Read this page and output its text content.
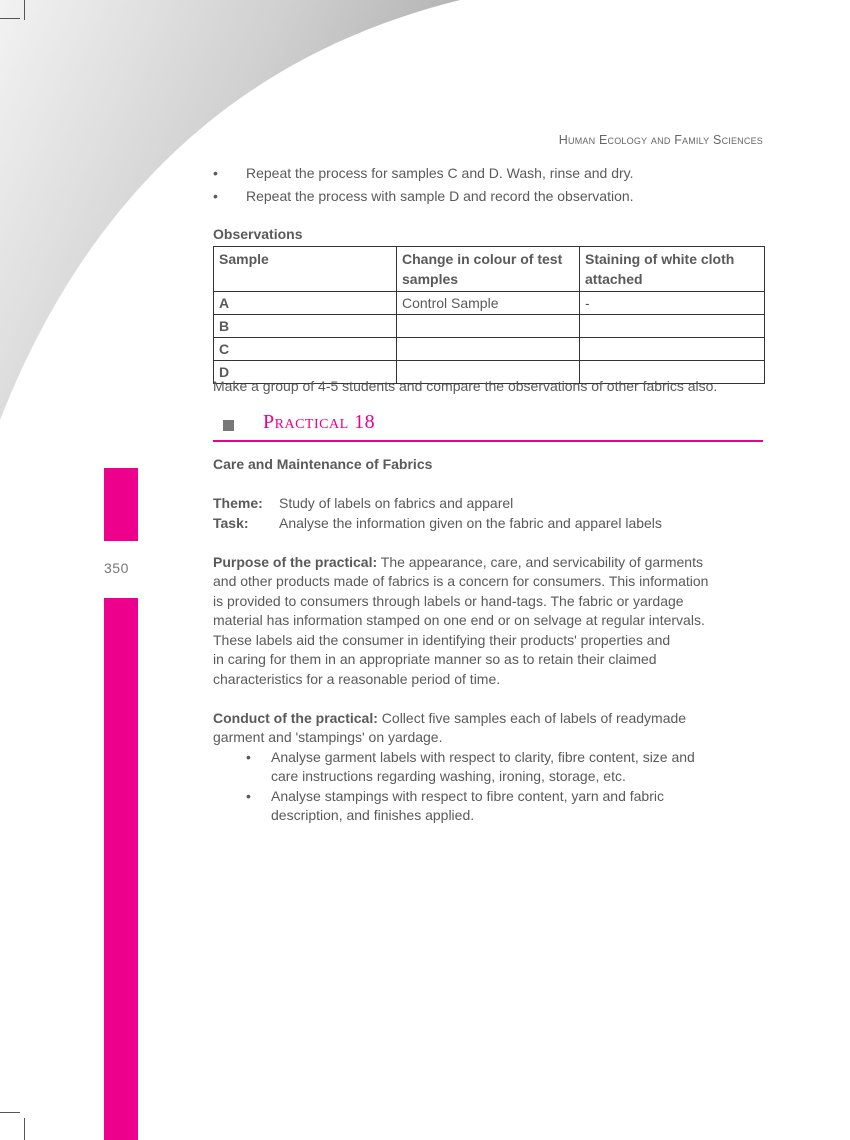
350
Human Ecology and Family Sciences
• Repeat the process for samples C and D. Wash, rinse and dry.
• Repeat the process with sample D and record the observation.
Observations
Sample	Change in colour of test samples	Staining of white cloth attached
A	Control Sample	-
B		
C		
D		
Make a group of 4-5 students and compare the observations of other fabrics also.
Practical 18

Care and Maintenance of Fabrics

Theme: Study of labels on fabrics and apparel
Task: Analyse the information given on the fabric and apparel labels

Purpose of the practical: The appearance, care, and servicability of garments
and other products made of fabrics is a concern for consumers. This information
is provided to consumers through labels or hand-tags. The fabric or yardage
material has information stamped on one end or on selvage at regular intervals.
These labels aid the consumer in identifying their products' properties and
in caring for them in an appropriate manner so as to retain their claimed
characteristics for a reasonable period of time.

Conduct of the practical: Collect five samples each of labels of readymade
garment and 'stampings' on yardage.

• Analyse garment labels with respect to clarity, fibre content, size and
care instructions regarding washing, ironing, storage, etc.
• Analyse stampings with respect to fibre content, yarn and fabric
description, and finishes applied.
